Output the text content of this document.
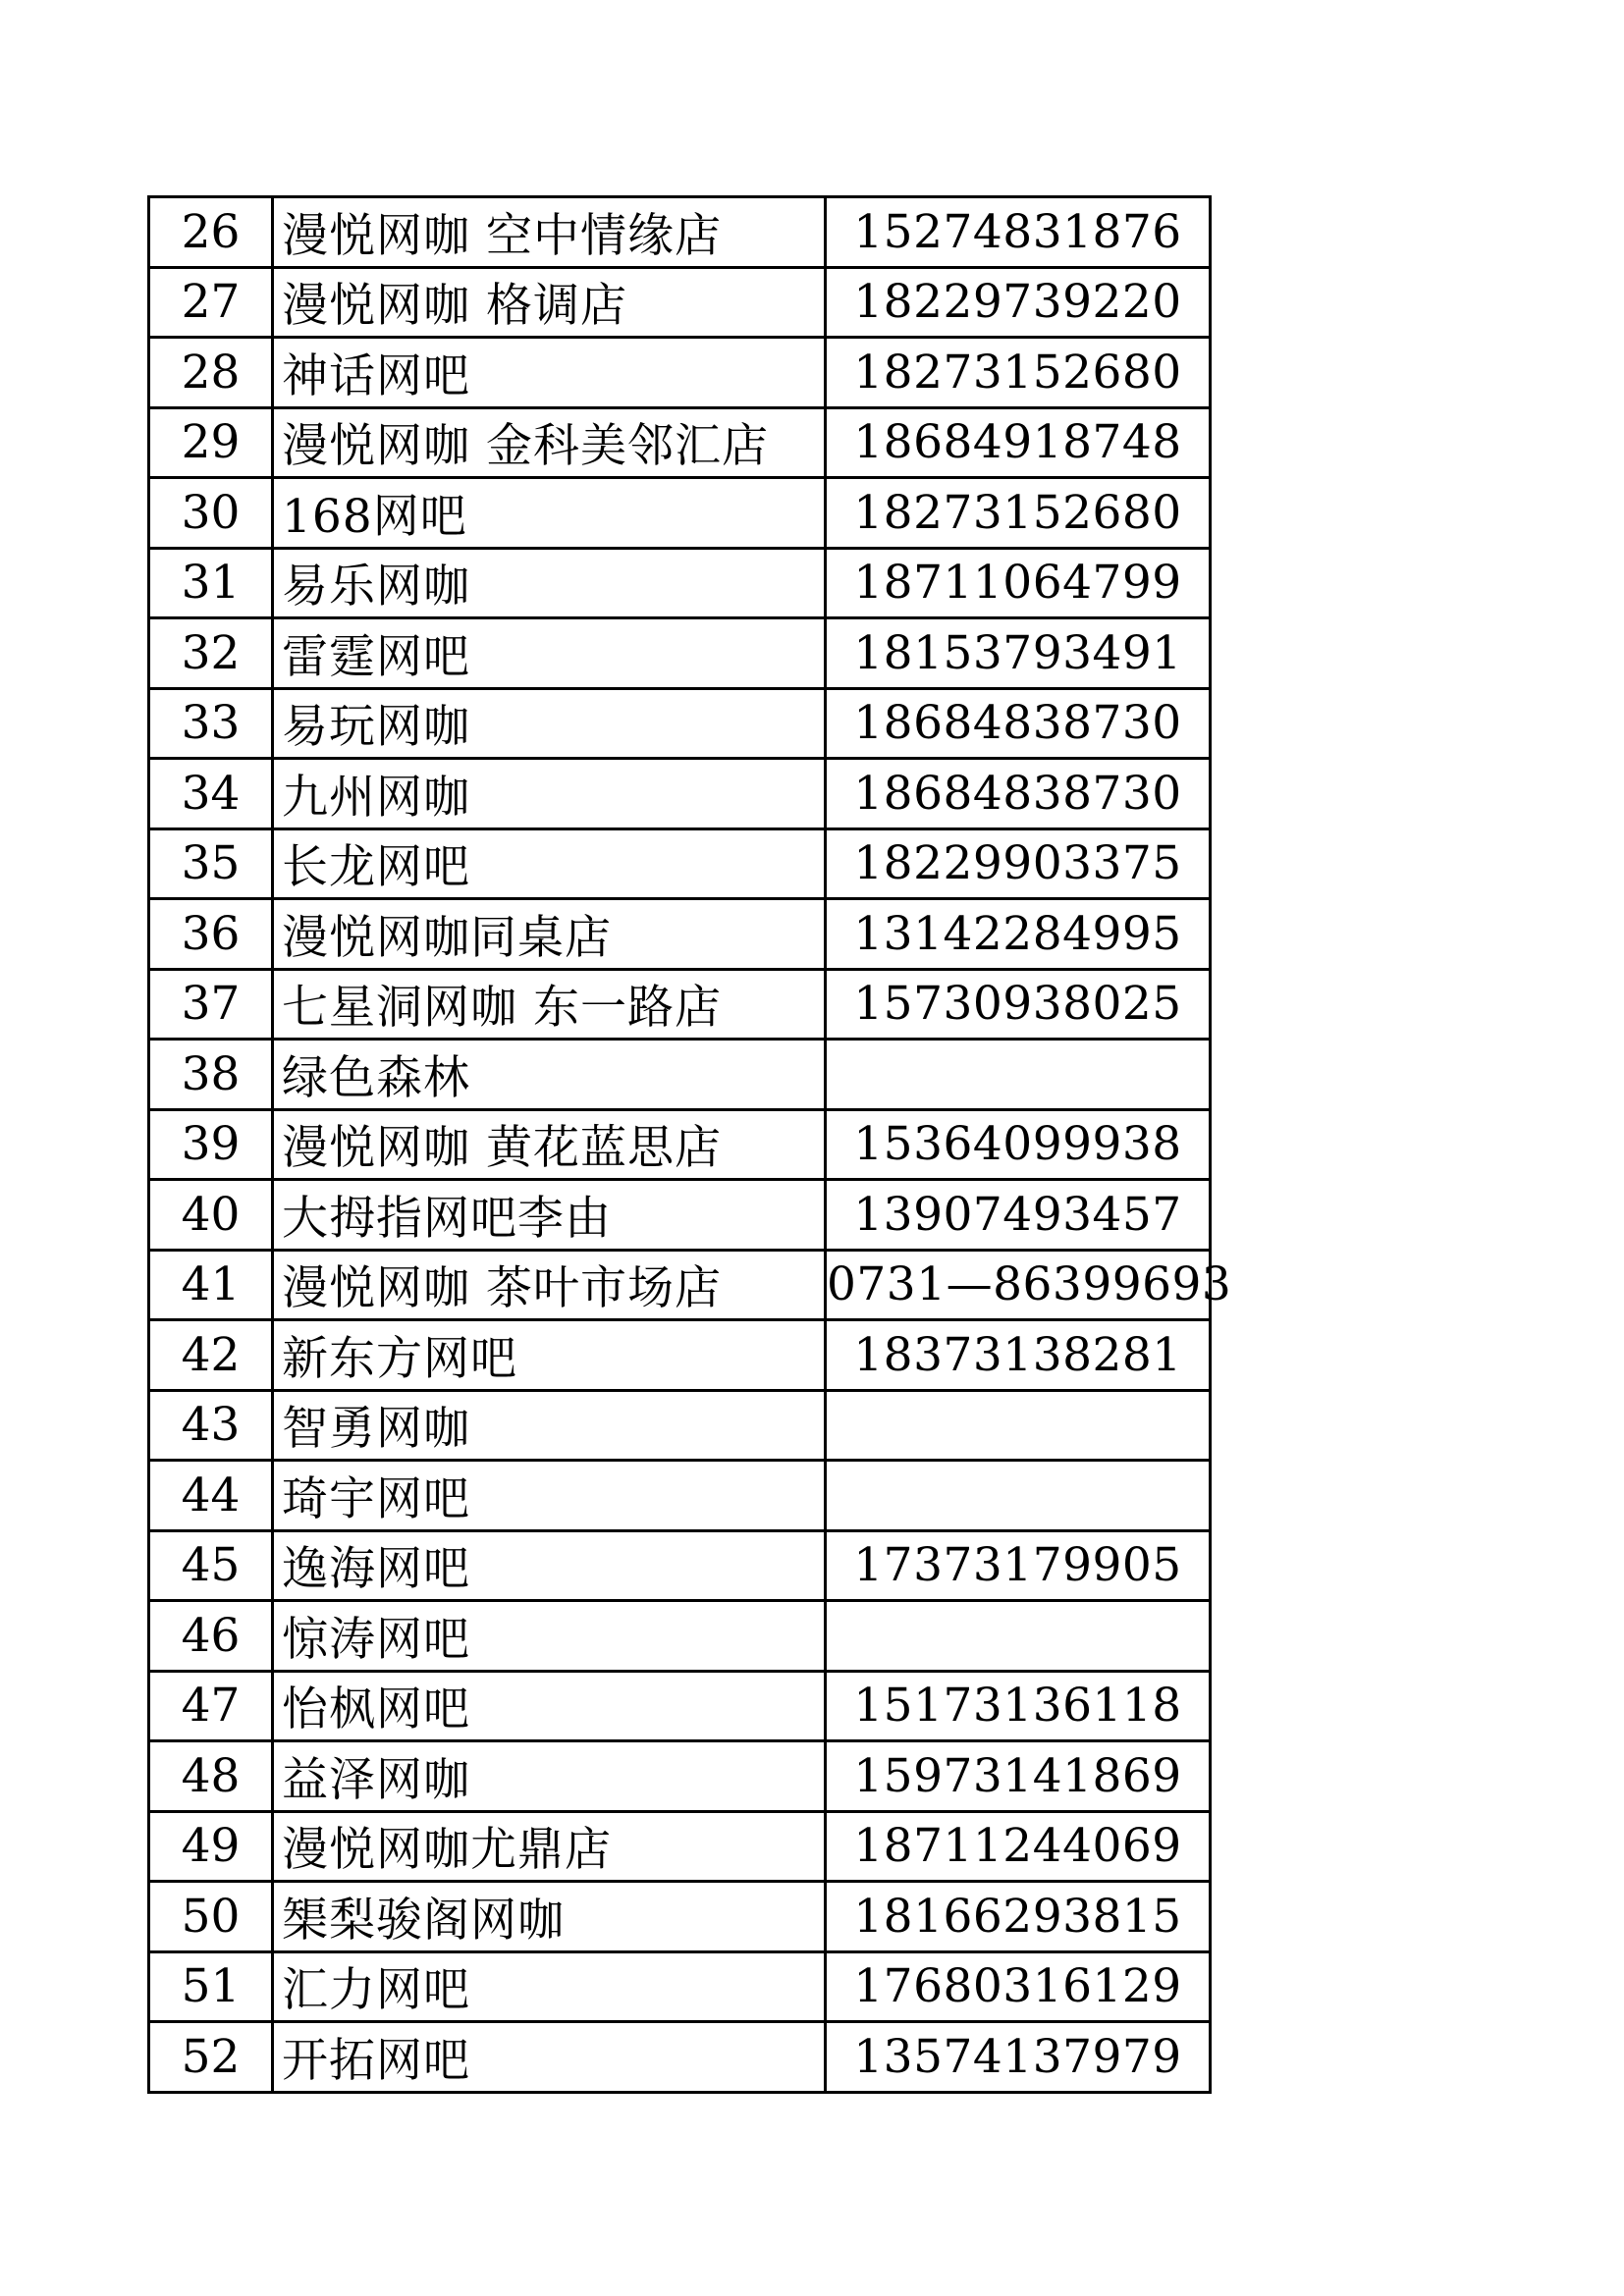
26 漫悦网咖 空中情缘店	15274831876
27 漫悦网咖 格调店	18229739220
28 神话网吧	18273152680
29 漫悦网咖 金科美邻汇店	18684918748
30 168网吧	18273152680
31 易乐网咖	18711064799
32 雷霆网吧	18153793491
33 易玩网咖	18684838730
34 九州网咖	18684838730
35 长龙网吧	18229903375
36 漫悦网咖同桌店	13142284995
37 七星洞网咖 东一路店	15730938025
38 绿色森林
39 漫悦网咖 黄花蓝思店	15364099938
40 大拇指网吧李由	13907493457
41 漫悦网咖 茶叶市场店	0731—86399693
42 新东方网吧	18373138281
43 智勇网咖
44 琦宇网吧
45 逸海网吧	17373179905
46 惊涛网吧
47 怡枫网吧	15173136118
48 益泽网咖	15973141869
49 漫悦网咖尤鼎店	18711244069
50 榘梨骏阁网咖	18166293815
51 汇力网吧	17680316129
52 开拓网吧	13574137979
